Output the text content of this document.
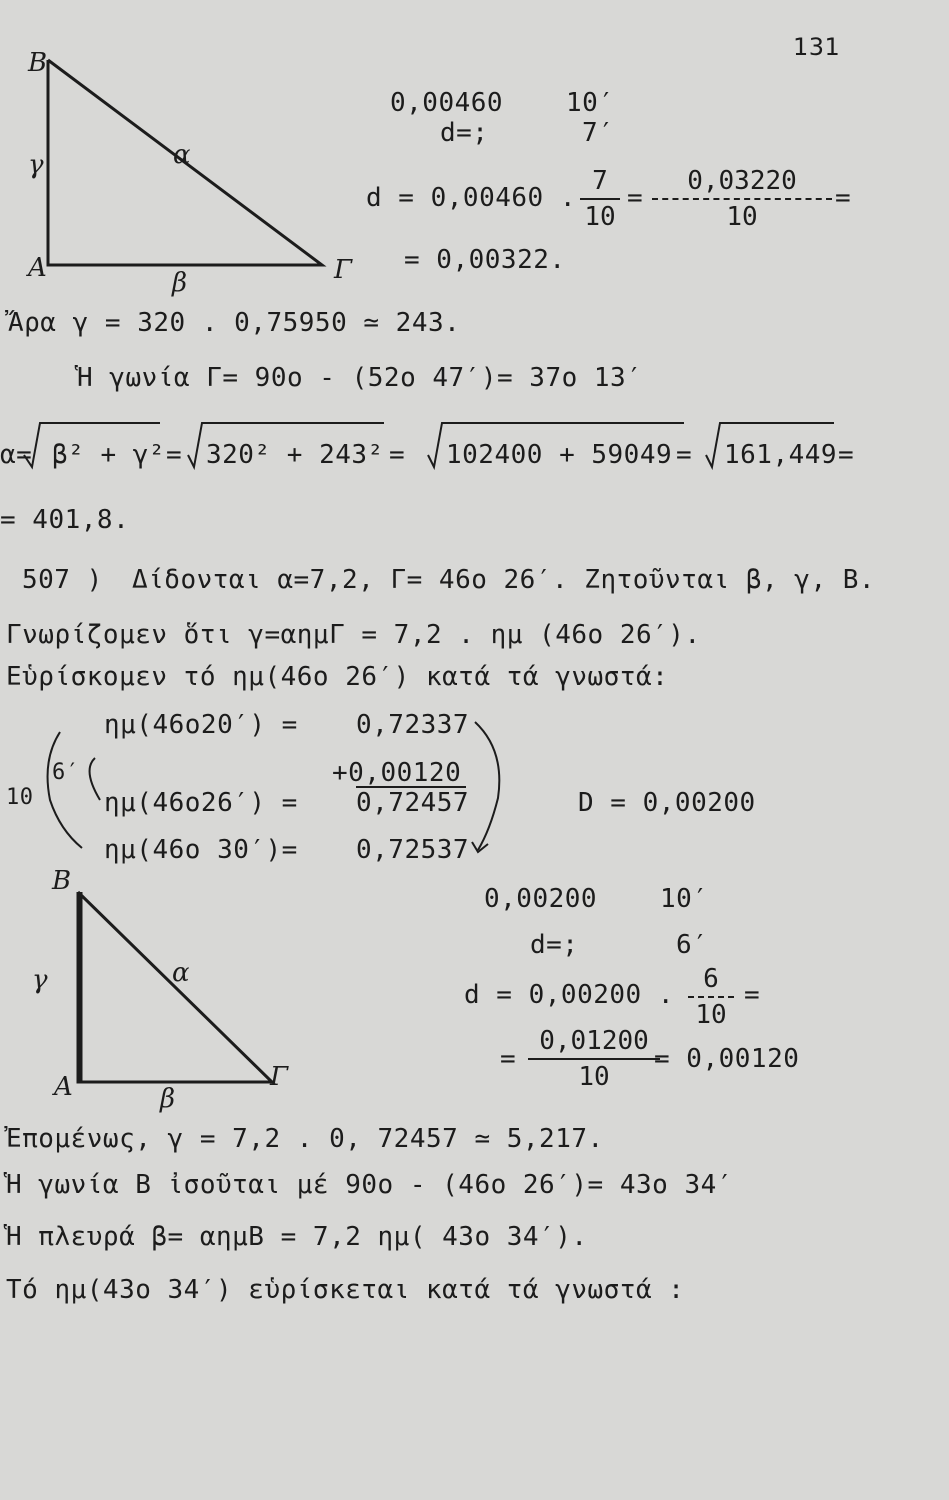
131
B
γ	α
A	β	Γ
0,00460 10′
d=;	7′
d = 0,00460 .
7
10
=
0,03220
10
=
= 0,00322.
Ἄρα γ = 320 . 0,75950 ≃ 243.
Ἡ γωνία Γ= 90ο - (52ο 47′)= 37ο 13′
α= β² + γ² = 320² + 243² = 102400 + 59049 = 161,449 =
= 401,8.
507 ) Δίδονται α=7,2, Γ= 46ο 26′. Ζητοῦνται β, γ, Β.
Γνωρίζομεν ὅτι γ=αημΓ = 7,2 . ημ (46ο 26′).
Εὑρίσκομεν τό ημ(46ο 26′) κατά τά γνωστά:
ημ(46ο20′) = 0,72337
+0,00120
ημ(46ο26′) = 0,72457
ημ(46ο 30′)= 0,72537
6′
10	D = 0,00200
B
γ	α
A	β
Γ
0,00200 10′
d=;	6′
d = 0,00200 .
6
10
=
=
0,01200
10
= 0,00120
Ἐπομένως, γ = 7,2 . 0, 72457 ≃ 5,217.
Ἡ γωνία Β ἰσοῦται μέ 90ο - (46ο 26′)= 43ο 34′
Ἡ πλευρά β= αημΒ = 7,2 ημ( 43ο 34′).
Τό ημ(43ο 34′) εὑρίσκεται κατά τά γνωστά :
